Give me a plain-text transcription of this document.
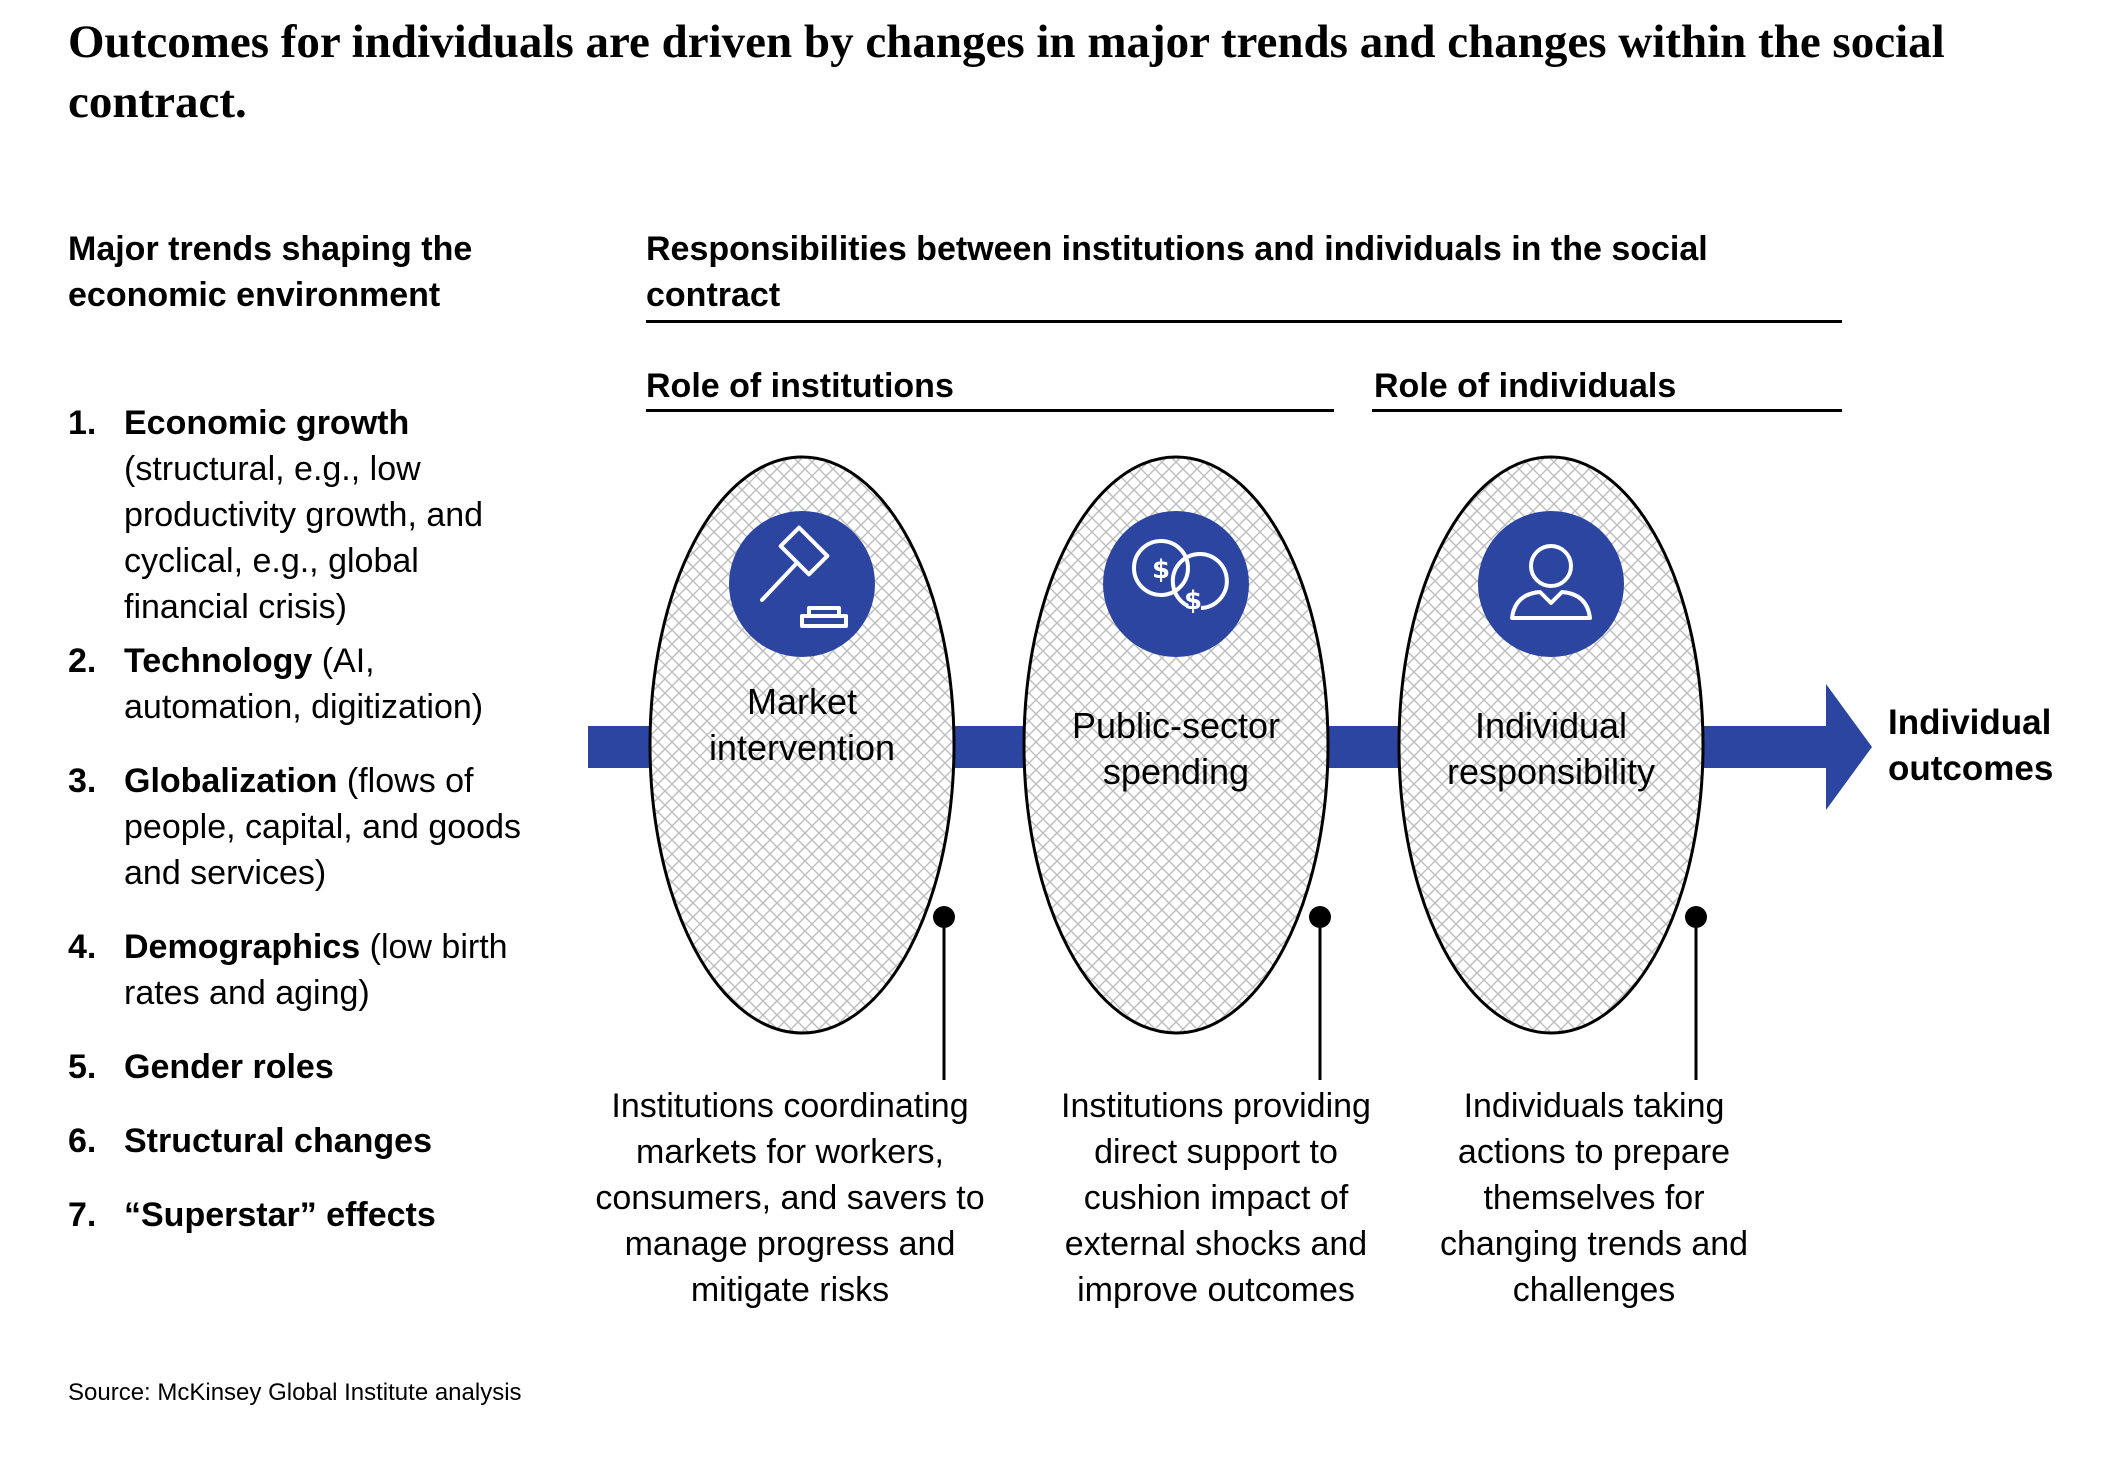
Outcomes for individuals are driven by changes in major trends and changes within the social contract.
Major trends shaping the economic environment
1. Economic growth (structural, e.g., low productivity growth, and cyclical, e.g., global financial crisis)
2. Technology (AI, automation, digitization)
3. Globalization (flows of people, capital, and goods and services)
4. Demographics (low birth rates and aging)
5. Gender roles
6. Structural changes
7. “Superstar” effects
Responsibilities between institutions and individuals in the social contract
Role of institutions	Role of individuals
$
$
Market intervention
Public-sector spending
Individual responsibility
Individual outcomes
Institutions coordinating markets for workers, consumers, and savers to manage progress and mitigate risks
Institutions providing direct support to cushion impact of external shocks and improve outcomes
Individuals taking actions to prepare themselves for changing trends and challenges
Source: McKinsey Global Institute analysis
